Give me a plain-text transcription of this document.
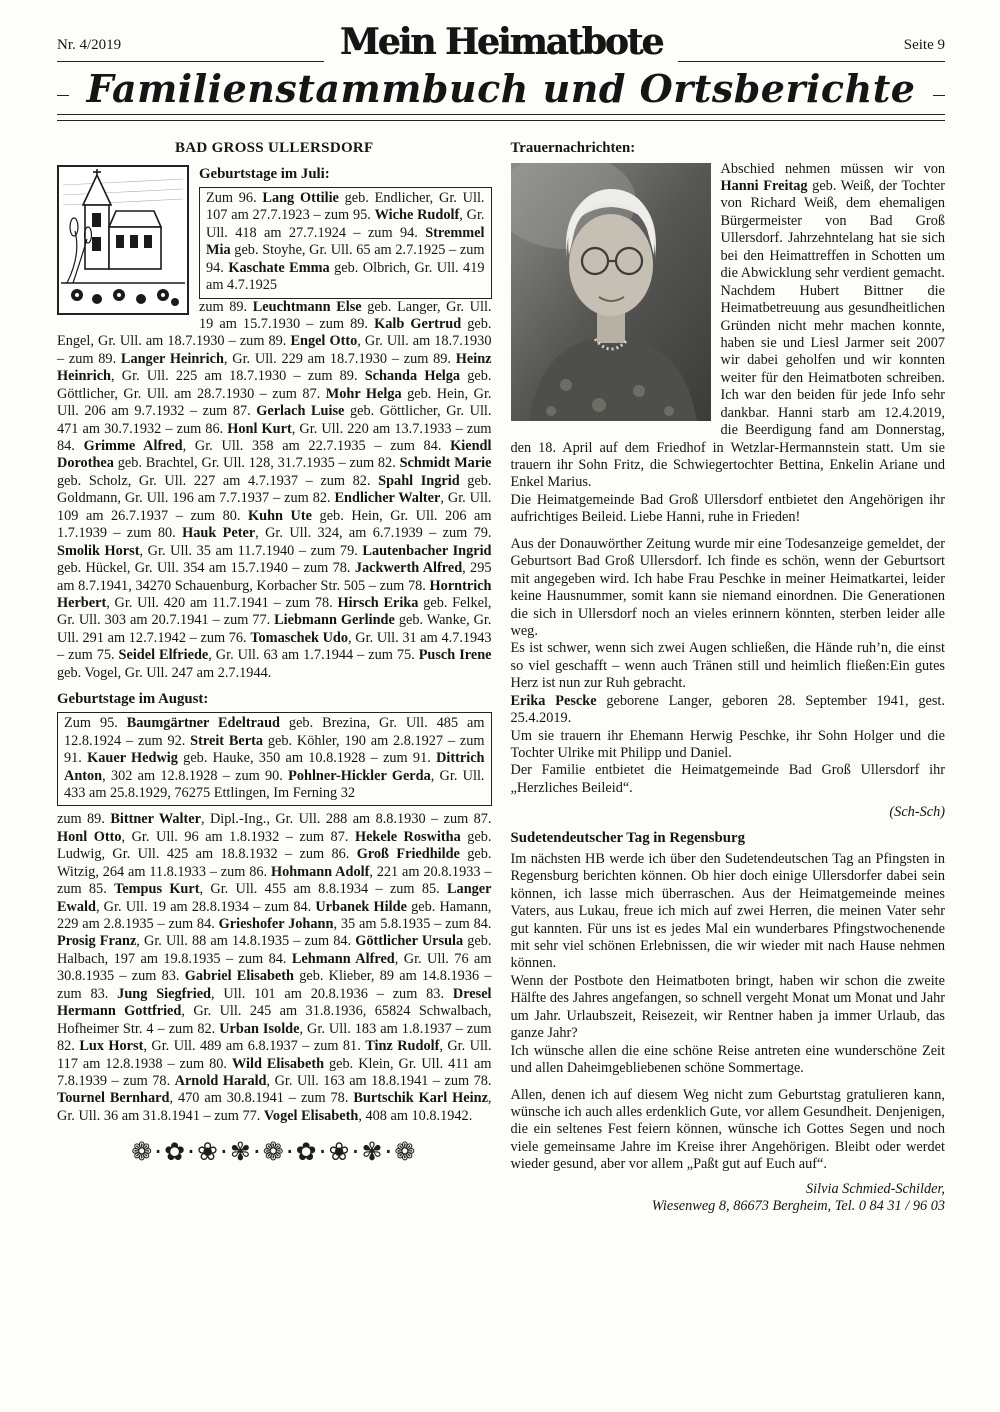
Nr. 4/2019	Mein Heimatbote	Seite 9
Familienstammbuch und Ortsberichte
BAD GROSS ULLERSDORF
Geburtstage im Juli:
Zum 96. Lang Ottilie geb. Endlicher, Gr. Ull. 107 am 27.7.1923 – zum 95. Wiche Rudolf, Gr. Ull. 418 am 27.7.1924 – zum 94. Stremmel Mia geb. Stoyhe, Gr. Ull. 65 am 2.7.1925 – zum 94. Kaschate Emma geb. Olbrich, Gr. Ull. 419 am 4.7.1925

zum 89. Leuchtmann Else geb. Langer, Gr. Ull. 19 am 15.7.1930 – zum 89. Kalb Gertrud geb. Engel, Gr. Ull. am 18.7.1930 – zum 89. Engel Otto, Gr. Ull. am 18.7.1930 – zum 89. Langer Heinrich, Gr. Ull. 229 am 18.7.1930 – zum 89. Heinz Heinrich, Gr. Ull. 225 am 18.7.1930 – zum 89. Schanda Helga geb. Göttlicher, Gr. Ull. am 28.7.1930 – zum 87. Mohr Helga geb. Hein, Gr. Ull. 206 am 9.7.1932 – zum 87. Gerlach Luise geb. Göttlicher, Gr. Ull. 471 am 30.7.1932 – zum 86. Honl Kurt, Gr. Ull. 220 am 13.7.1933 – zum 84. Grimme Alfred, Gr. Ull. 358 am 22.7.1935 – zum 84. Kiendl Dorothea geb. Brachtel, Gr. Ull. 128, 31.7.1935 – zum 82. Schmidt Marie geb. Scholz, Gr. Ull. 227 am 4.7.1937 – zum 82. Spahl Ingrid geb. Goldmann, Gr. Ull. 196 am 7.7.1937 – zum 82. Endlicher Walter, Gr. Ull. 109 am 26.7.1937 – zum 80. Kuhn Ute geb. Hein, Gr. Ull. 206 am 1.7.1939 – zum 80. Hauk Peter, Gr. Ull. 324, am 6.7.1939 – zum 79. Smolik Horst, Gr. Ull. 35 am 11.7.1940 – zum 79. Lautenbacher Ingrid geb. Hückel, Gr. Ull. 354 am 15.7.1940 – zum 78. Jackwerth Alfred, 295 am 8.7.1941, 34270 Schauenburg, Korbacher Str. 505 – zum 78. Horntrich Herbert, Gr. Ull. 420 am 11.7.1941 – zum 78. Hirsch Erika geb. Felkel, Gr. Ull. 303 am 20.7.1941 – zum 77. Liebmann Gerlinde geb. Wanke, Gr. Ull. 291 am 12.7.1942 – zum 76. Tomaschek Udo, Gr. Ull. 31 am 4.7.1943 – zum 75. Seidel Elfriede, Gr. Ull. 63 am 1.7.1944 – zum 75. Pusch Irene geb. Vogel, Gr. Ull. 247 am 2.7.1944.

Geburtstage im August:
Zum 95. Baumgärtner Edeltraud geb. Brezina, Gr. Ull. 485 am 12.8.1924 – zum 92. Streit Berta geb. Köhler, 190 am 2.8.1927 – zum 91. Kauer Hedwig geb. Hauke, 350 am 10.8.1928 – zum 91. Dittrich Anton, 302 am 12.8.1928 – zum 90. Pohlner-Hickler Gerda, Gr. Ull. 433 am 25.8.1929, 76275 Ettlingen, Im Ferning 32

zum 89. Bittner Walter, Dipl.-Ing., Gr. Ull. 288 am 8.8.1930 – zum 87. Honl Otto, Gr. Ull. 96 am 1.8.1932 – zum 87. Hekele Roswitha geb. Ludwig, Gr. Ull. 425 am 18.8.1932 – zum 86. Groß Friedhilde geb. Witzig, 264 am 11.8.1933 – zum 86. Hohmann Adolf, 221 am 20.8.1933 – zum 85. Tempus Kurt, Gr. Ull. 455 am 8.8.1934 – zum 85. Langer Ewald, Gr. Ull. 19 am 28.8.1934 – zum 84. Urbanek Hilde geb. Hamann, 229 am 2.8.1935 – zum 84. Grieshofer Johann, 35 am 5.8.1935 – zum 84. Prosig Franz, Gr. Ull. 88 am 14.8.1935 – zum 84. Göttlicher Ursula geb. Halbach, 197 am 19.8.1935 – zum 84. Lehmann Alfred, Gr. Ull. 76 am 30.8.1935 – zum 83. Gabriel Elisabeth geb. Klieber, 89 am 14.8.1936 – zum 83. Jung Siegfried, Ull. 101 am 20.8.1936 – zum 83. Dresel Hermann Gottfried, Gr. Ull. 245 am 31.8.1936, 65824 Schwalbach, Hofheimer Str. 4 – zum 82. Urban Isolde, Gr. Ull. 183 am 1.8.1937 – zum 82. Lux Horst, Gr. Ull. 489 am 6.8.1937 – zum 81. Tinz Rudolf, Gr. Ull. 117 am 12.8.1938 – zum 80. Wild Elisabeth geb. Klein, Gr. Ull. 411 am 7.8.1939 – zum 78. Arnold Harald, Gr. Ull. 163 am 18.8.1941 – zum 78. Tournel Bernhard, 470 am 30.8.1941 – zum 78. Burtschik Karl Heinz, Gr. Ull. 36 am 31.8.1941 – zum 77. Vogel Elisabeth, 408 am 10.8.1942.

❁·✿·❀·✾·❁·✿·❀·✾·❁
Trauernachrichten:

Abschied nehmen müssen wir von Hanni Freitag geb. Weiß, der Tochter von Richard Weiß, dem ehemaligen Bürgermeister von Bad Groß Ullersdorf. Jahrzehntelang hat sie sich bei den Heimattreffen in Schotten um die Abwicklung sehr verdient gemacht. Nachdem Hubert Bittner die Heimatbetreuung aus gesundheitlichen Gründen nicht mehr machen konnte, haben sie und Liesl Jarmer seit 2007 wir dabei geholfen und wir konnten weiter für den Heimatboten schreiben. Ich war den beiden für jede Info sehr dankbar. Hanni starb am 12.4.2019, die Beerdigung fand am Donnerstag, den 18. April auf dem Friedhof in Wetzlar-Hermannstein statt. Um sie trauern ihr Sohn Fritz, die Schwiegertochter Bettina, Enkelin Ariane und Enkel Marius.

Die Heimatgemeinde Bad Groß Ullersdorf entbietet den Angehörigen ihr aufrichtiges Beileid. Liebe Hanni, ruhe in Frieden!

Aus der Donauwörther Zeitung wurde mir eine Todesanzeige gemeldet, der Geburtsort Bad Groß Ullersdorf. Ich finde es schön, wenn der Geburtsort mit angegeben wird. Ich habe Frau Peschke in meiner Heimatkartei, leider keine Hausnummer, somit kann sie niemand einordnen. Die Generationen die sich in Ullersdorf noch an vieles erinnern könnten, sterben leider alle weg.

Es ist schwer, wenn sich zwei Augen schließen, die Hände ruh’n, die einst so viel geschafft – wenn auch Tränen still und heimlich fließen:Ein gutes Herz ist nun zur Ruh gebracht.

Erika Pescke geborene Langer, geboren 28. September 1941, gest. 25.4.2019.

Um sie trauern ihr Ehemann Herwig Peschke, ihr Sohn Holger und die Tochter Ulrike mit Philipp und Daniel.

Der Familie entbietet die Heimatgemeinde Bad Groß Ullersdorf ihr „Herzliches Beileid“.

(Sch-Sch)

Sudetendeutscher Tag in Regensburg

Im nächsten HB werde ich über den Sudetendeutschen Tag an Pfingsten in Regensburg berichten können. Ob hier doch einige Ullersdorfer dabei sein können, ich lasse mich überraschen. Aus der Heimatgemeinde meines Vaters, aus Lukau, freue ich mich auf zwei Herren, die meinen Vater sehr gut kannten. Für uns ist es jedes Mal ein wunderbares Pfingstwochenende mit sehr viel schönen Erlebnissen, die wir wieder mit nach Hause nehmen können.

Wenn der Postbote den Heimatboten bringt, haben wir schon die zweite Hälfte des Jahres angefangen, so schnell vergeht Monat um Monat und Jahr um Jahr. Urlaubszeit, Reisezeit, wir Rentner haben ja immer Urlaub, das ganze Jahr?

Ich wünsche allen die eine schöne Reise antreten eine wunderschöne Zeit und allen Daheimgebliebenen schöne Sommertage.

Allen, denen ich auf diesem Weg nicht zum Geburtstag gratulieren kann, wünsche ich auch alles erdenklich Gute, vor allem Gesundheit. Denjenigen, die ein seltenes Fest feiern können, wünsche ich Gottes Segen und noch viele gemeinsame Jahre im Kreise ihrer Angehörigen. Bleibt oder werdet wieder gesund, aber vor allem „Paßt gut auf Euch auf“.

Silvia Schmied-Schilder,

Wiesenweg 8, 86673 Bergheim, Tel. 0 84 31 / 96 03
